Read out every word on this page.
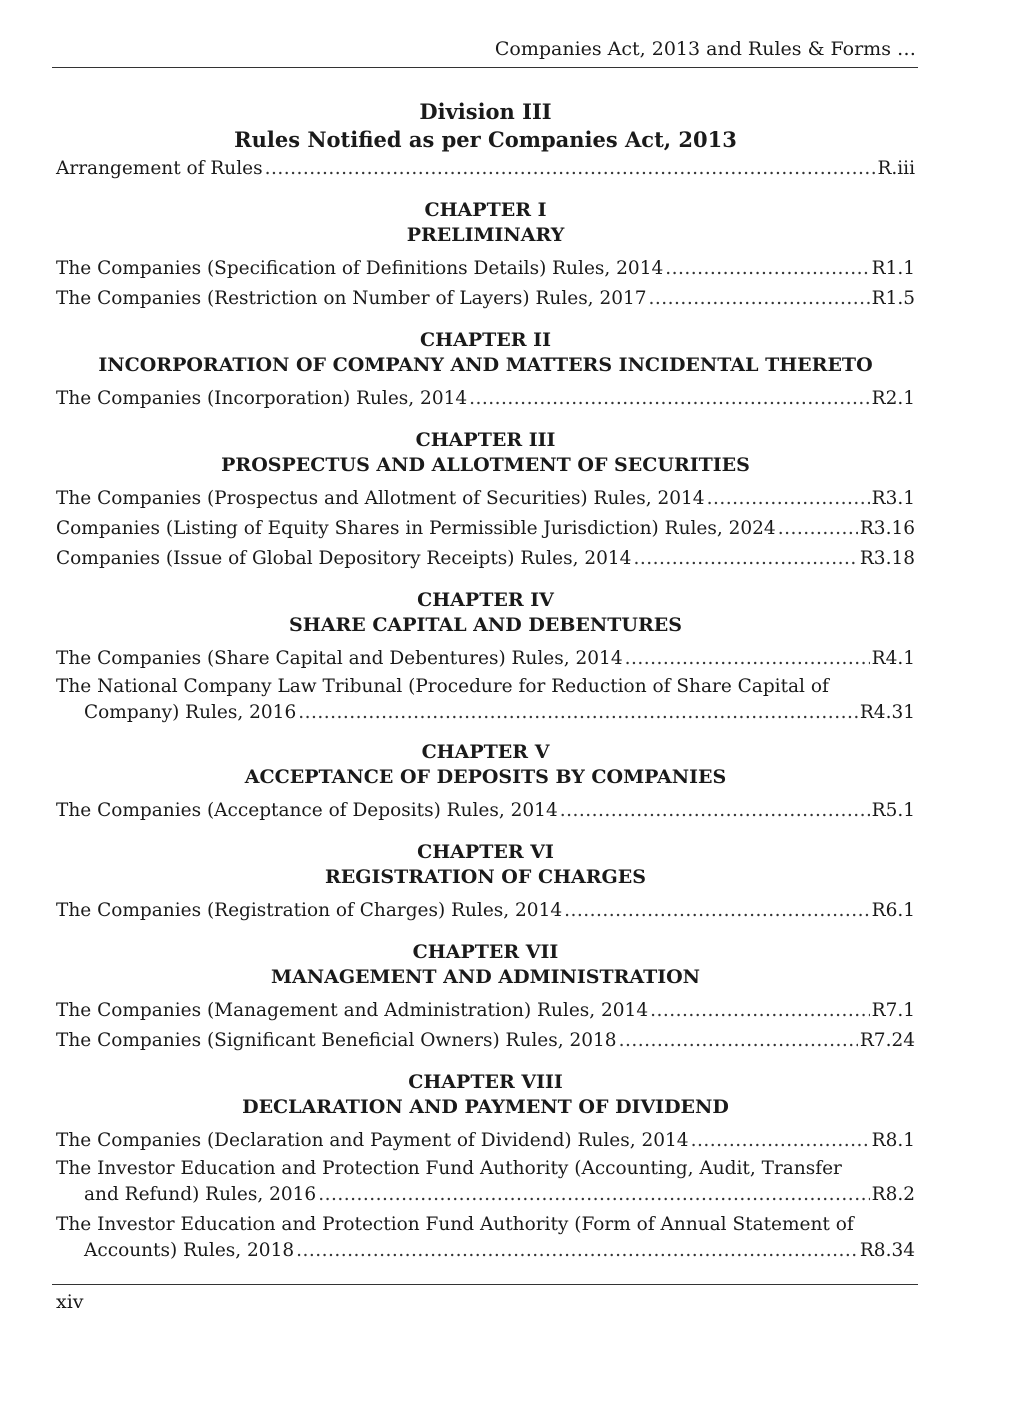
Companies Act, 2013 and Rules & Forms …
Division III
Rules Notified as per Companies Act, 2013
Arrangement of Rules .....	R.iii
CHAPTER I
PRELIMINARY
The Companies (Specification of Definitions Details) Rules, 2014 .....	R1.1
The Companies (Restriction on Number of Layers) Rules, 2017 .....	R1.5
CHAPTER II
INCORPORATION OF COMPANY AND MATTERS INCIDENTAL THERETO
The Companies (Incorporation) Rules, 2014 .....	R2.1
CHAPTER III
PROSPECTUS AND ALLOTMENT OF SECURITIES
The Companies (Prospectus and Allotment of Securities) Rules, 2014 .....	R3.1
Companies (Listing of Equity Shares in Permissible Jurisdiction) Rules, 2024 .....	R3.16
Companies (Issue of Global Depository Receipts) Rules, 2014 .....	R3.18
CHAPTER IV
SHARE CAPITAL AND DEBENTURES
The Companies (Share Capital and Debentures) Rules, 2014 .....	R4.1
The National Company Law Tribunal (Procedure for Reduction of Share Capital of
Company) Rules, 2016 .....	R4.31
CHAPTER V
ACCEPTANCE OF DEPOSITS BY COMPANIES
The Companies (Acceptance of Deposits) Rules, 2014 .....	R5.1
CHAPTER VI
REGISTRATION OF CHARGES
The Companies (Registration of Charges) Rules, 2014 .....	R6.1
CHAPTER VII
MANAGEMENT AND ADMINISTRATION
The Companies (Management and Administration) Rules, 2014 .....	R7.1
The Companies (Significant Beneficial Owners) Rules, 2018 .....	R7.24
CHAPTER VIII
DECLARATION AND PAYMENT OF DIVIDEND
The Companies (Declaration and Payment of Dividend) Rules, 2014 .....	R8.1
The Investor Education and Protection Fund Authority (Accounting, Audit, Transfer
and Refund) Rules, 2016 .....	R8.2
The Investor Education and Protection Fund Authority (Form of Annual Statement of
Accounts) Rules, 2018 .....	R8.34
xiv
